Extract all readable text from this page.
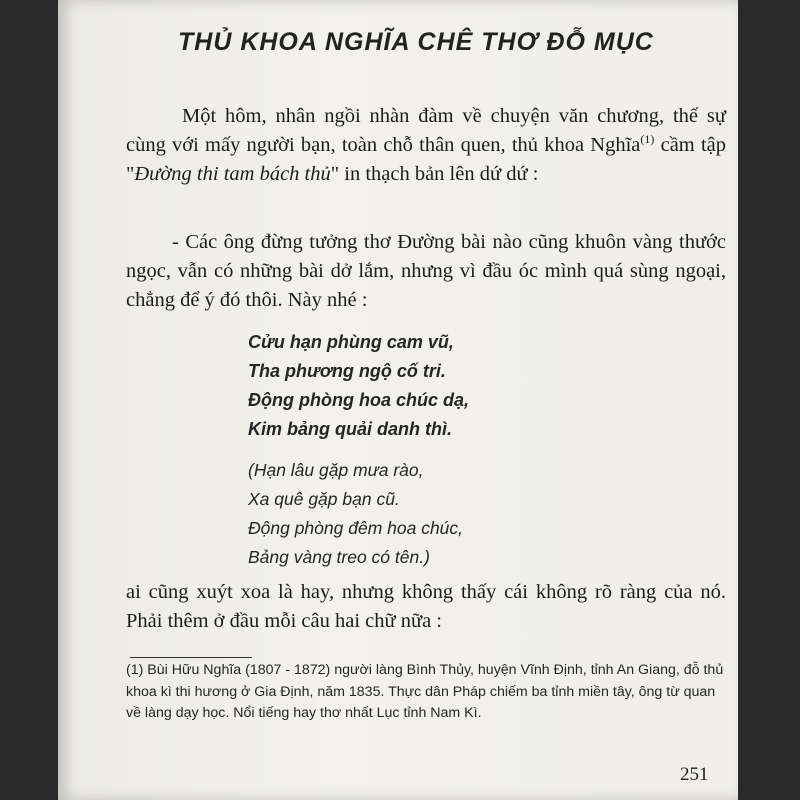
THỦ KHOA NGHĨA CHÊ THƠ ĐỖ MỤC

Một hôm, nhân ngồi nhàn đàm về chuyện văn chương, thế sự cùng với mấy người bạn, toàn chỗ thân quen, thủ khoa Nghĩa$^{(1)}$ cầm tập "Đường thi tam bách thủ" in thạch bản lên dứ dứ :

- Các ông đừng tưởng thơ Đường bài nào cũng khuôn vàng thước ngọc, vẫn có những bài dở lắm, nhưng vì đầu óc mình quá sùng ngoại, chẳng để ý đó thôi. Này nhé :

Cửu hạn phùng cam vũ,
Tha phương ngộ cố tri.
Động phòng hoa chúc dạ,
Kim bảng quải danh thì.
(Hạn lâu gặp mưa rào,
Xa quê gặp bạn cũ.
Động phòng đêm hoa chúc,
Bảng vàng treo có tên.)

ai cũng xuýt xoa là hay, nhưng không thấy cái không rõ ràng của nó. Phải thêm ở đầu mỗi câu hai chữ nữa :

(1) Bùi Hữu Nghĩa (1807 - 1872) người làng Bình Thủy, huyện Vĩnh Định, tỉnh An Giang, đỗ thủ khoa kì thi hương ở Gia Định, năm 1835. Thực dân Pháp chiếm ba tỉnh miền tây, ông từ quan về làng dạy học. Nổi tiếng hay thơ nhất Lục tỉnh Nam Kì.
251
